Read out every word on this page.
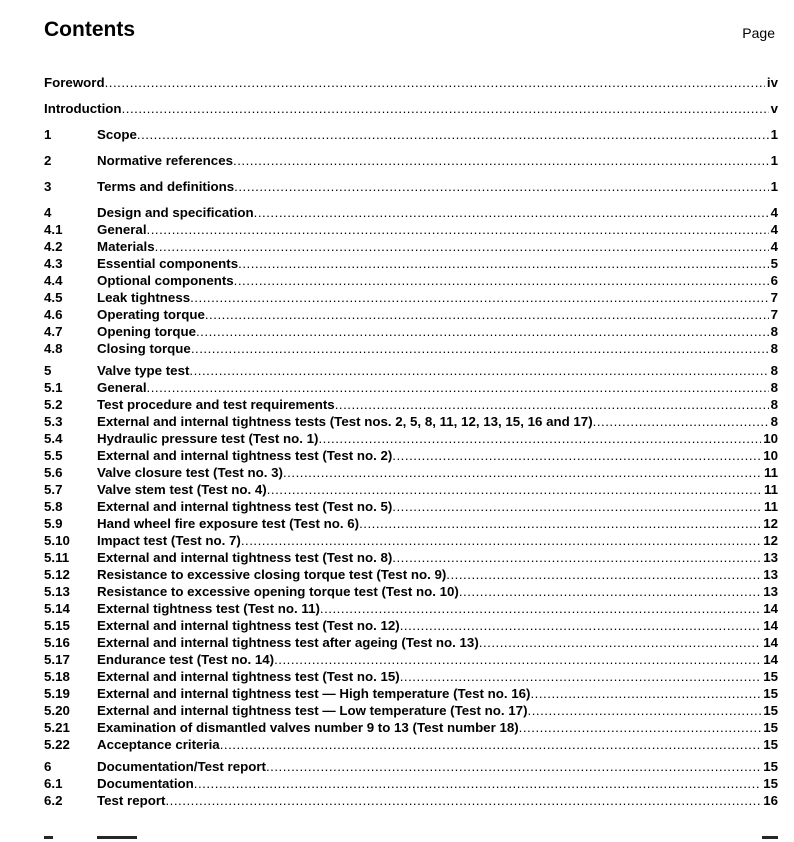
Contents	Page
Foreword .....	iv
Introduction .....	v
1	Scope .....	1
2	Normative references .....	1
3	Terms and definitions .....	1
4	Design and specification .....	4
4.1	General .....	4
4.2	Materials .....	4
4.3	Essential components .....	5
4.4	Optional components .....	6
4.5	Leak tightness .....	7
4.6	Operating torque .....	7
4.7	Opening torque .....	8
4.8	Closing torque .....	8
5	Valve type test .....	8
5.1	General .....	8
5.2	Test procedure and test requirements .....	8
5.3	External and internal tightness tests (Test nos. 2, 5, 8, 11, 12, 13, 15, 16 and 17) .....	8
5.4	Hydraulic pressure test (Test no. 1) .....	10
5.5	External and internal tightness test (Test no. 2) .....	10
5.6	Valve closure test (Test no. 3) .....	11
5.7	Valve stem test (Test no. 4) .....	11
5.8	External and internal tightness test (Test no. 5) .....	11
5.9	Hand wheel fire exposure test (Test no. 6) .....	12
5.10	Impact test (Test no. 7) .....	12
5.11	External and internal tightness test (Test no. 8) .....	13
5.12	Resistance to excessive closing torque test (Test no. 9) .....	13
5.13	Resistance to excessive opening torque test (Test no. 10) .....	13
5.14	External tightness test (Test no. 11) .....	14
5.15	External and internal tightness test (Test no. 12) .....	14
5.16	External and internal tightness test after ageing (Test no. 13) .....	14
5.17	Endurance test (Test no. 14) .....	14
5.18	External and internal tightness test (Test no. 15) .....	15
5.19	External and internal tightness test — High temperature (Test no. 16) .....	15
5.20	External and internal tightness test — Low temperature (Test no. 17) .....	15
5.21	Examination of dismantled valves number 9 to 13 (Test number 18) .....	15
5.22	Acceptance criteria .....	15
6	Documentation/Test report .....	15
6.1	Documentation .....	15
6.2	Test report .....	16
